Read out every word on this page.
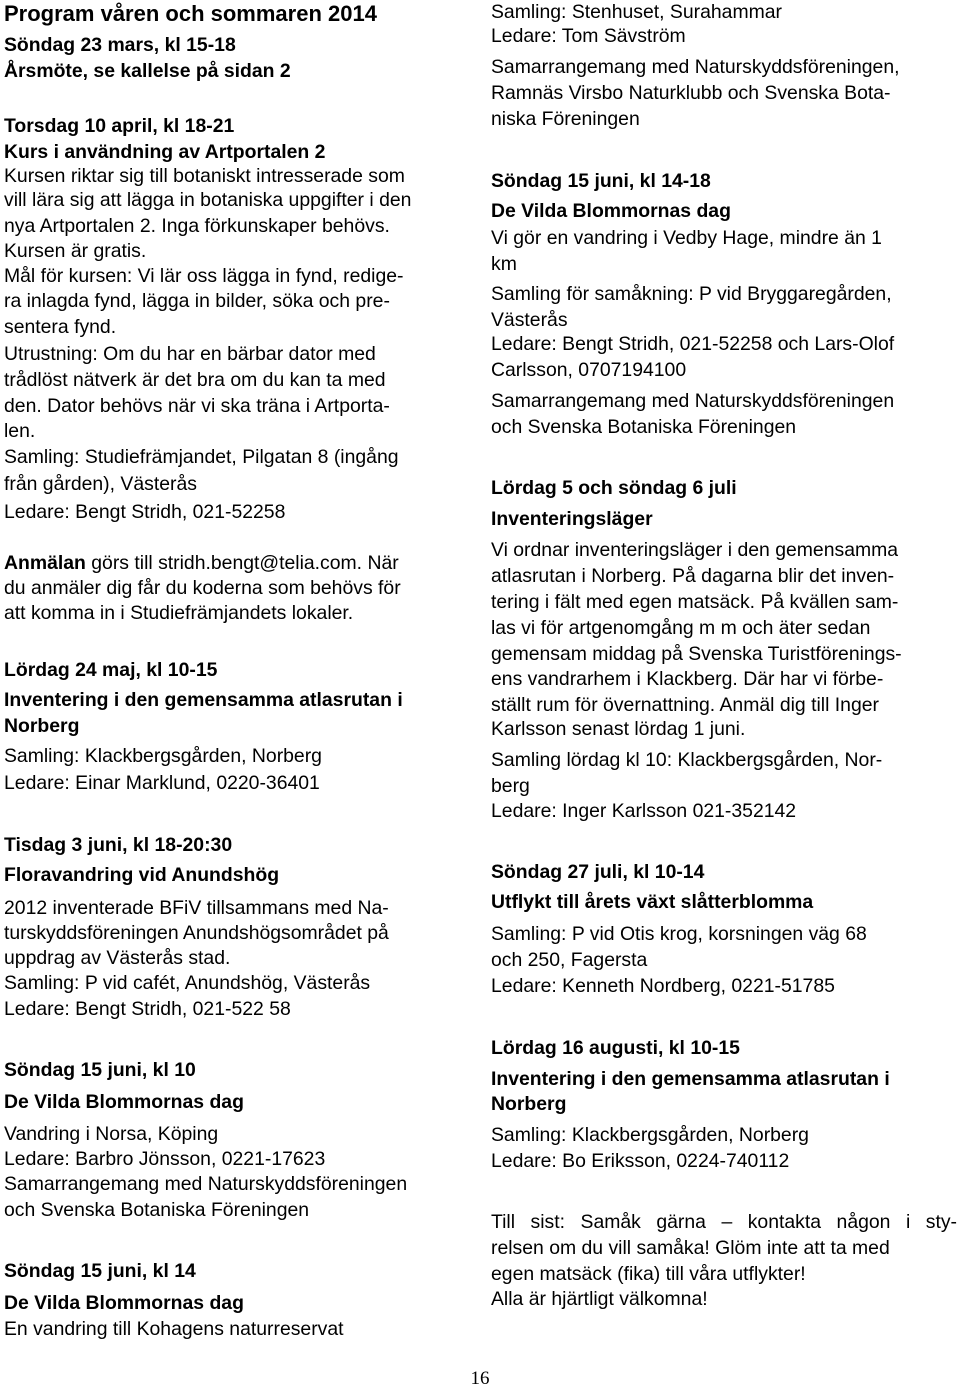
Program våren och sommaren 2014
Söndag 23 mars, kl 15-18
Årsmöte, se kallelse på sidan 2
Torsdag 10 april, kl 18-21
Kurs i användning av Artportalen 2
Kursen riktar sig till botaniskt intresserade som
vill lära sig att lägga in botaniska uppgifter i den
nya Artportalen 2. Inga förkunskaper behövs.
Kursen är gratis.
Mål för kursen: Vi lär oss lägga in fynd, redige-
ra inlagda fynd, lägga in bilder, söka och pre-
sentera fynd.
Utrustning: Om du har en bärbar dator med
trådlöst nätverk är det bra om du kan ta med
den. Dator behövs när vi ska träna i Artporta-
len.
Samling: Studiefrämjandet, Pilgatan 8 (ingång
från gården), Västerås
Ledare: Bengt Stridh, 021-52258
Anmälan görs till stridh.bengt@telia.com. När
du anmäler dig får du koderna som behövs för
att komma in i Studiefrämjandets lokaler.
Lördag 24 maj, kl 10-15
Inventering i den gemensamma atlasrutan i
Norberg
Samling: Klackbergsgården, Norberg
Ledare: Einar Marklund, 0220-36401
Tisdag 3 juni, kl 18-20:30
Floravandring vid Anundshög
2012 inventerade BFiV tillsammans med Na-
turskyddsföreningen Anundshögsområdet på
uppdrag av Västerås stad.
Samling: P vid cafét, Anundshög, Västerås
Ledare: Bengt Stridh, 021-522 58
Söndag 15 juni, kl 10
De Vilda Blommornas dag
Vandring i Norsa, Köping
Ledare: Barbro Jönsson, 0221-17623
Samarrangemang med Naturskyddsföreningen
och Svenska Botaniska Föreningen
Söndag 15 juni, kl 14
De Vilda Blommornas dag
En vandring till Kohagens naturreservat
Samling: Stenhuset, Surahammar
Ledare: Tom Sävström
Samarrangemang med Naturskyddsföreningen,
Ramnäs Virsbo Naturklubb och Svenska Bota-
niska Föreningen
Söndag 15 juni, kl 14-18
De Vilda Blommornas dag
Vi gör en vandring i Vedby Hage, mindre än 1
km
Samling för samåkning: P vid Bryggaregården,
Västerås
Ledare: Bengt Stridh, 021-52258 och Lars-Olof
Carlsson, 0707194100
Samarrangemang med Naturskyddsföreningen
och Svenska Botaniska Föreningen
Lördag 5 och söndag 6 juli
Inventeringsläger
Vi ordnar inventeringsläger i den gemensamma
atlasrutan i Norberg. På dagarna blir det inven-
tering i fält med egen matsäck. På kvällen sam-
las vi för artgenomgång m m och äter sedan
gemensam middag på Svenska Turistförenings-
ens vandrarhem i Klackberg. Där har vi förbe-
ställt rum för övernattning. Anmäl dig till Inger
Karlsson senast lördag 1 juni.
Samling lördag kl 10: Klackbergsgården, Nor-
berg
Ledare: Inger Karlsson 021-352142
Söndag 27 juli, kl 10-14
Utflykt till årets växt slåtterblomma
Samling: P vid Otis krog, korsningen väg 68
och 250, Fagersta
Ledare: Kenneth Nordberg, 0221-51785
Lördag 16 augusti, kl 10-15
Inventering i den gemensamma atlasrutan i
Norberg
Samling: Klackbergsgården, Norberg
Ledare: Bo Eriksson, 0224-740112
Till sist: Samåk gärna – kontakta någon i sty-
relsen om du vill samåka! Glöm inte att ta med
egen matsäck (fika) till våra utflykter!
Alla är hjärtligt välkomna!
16
